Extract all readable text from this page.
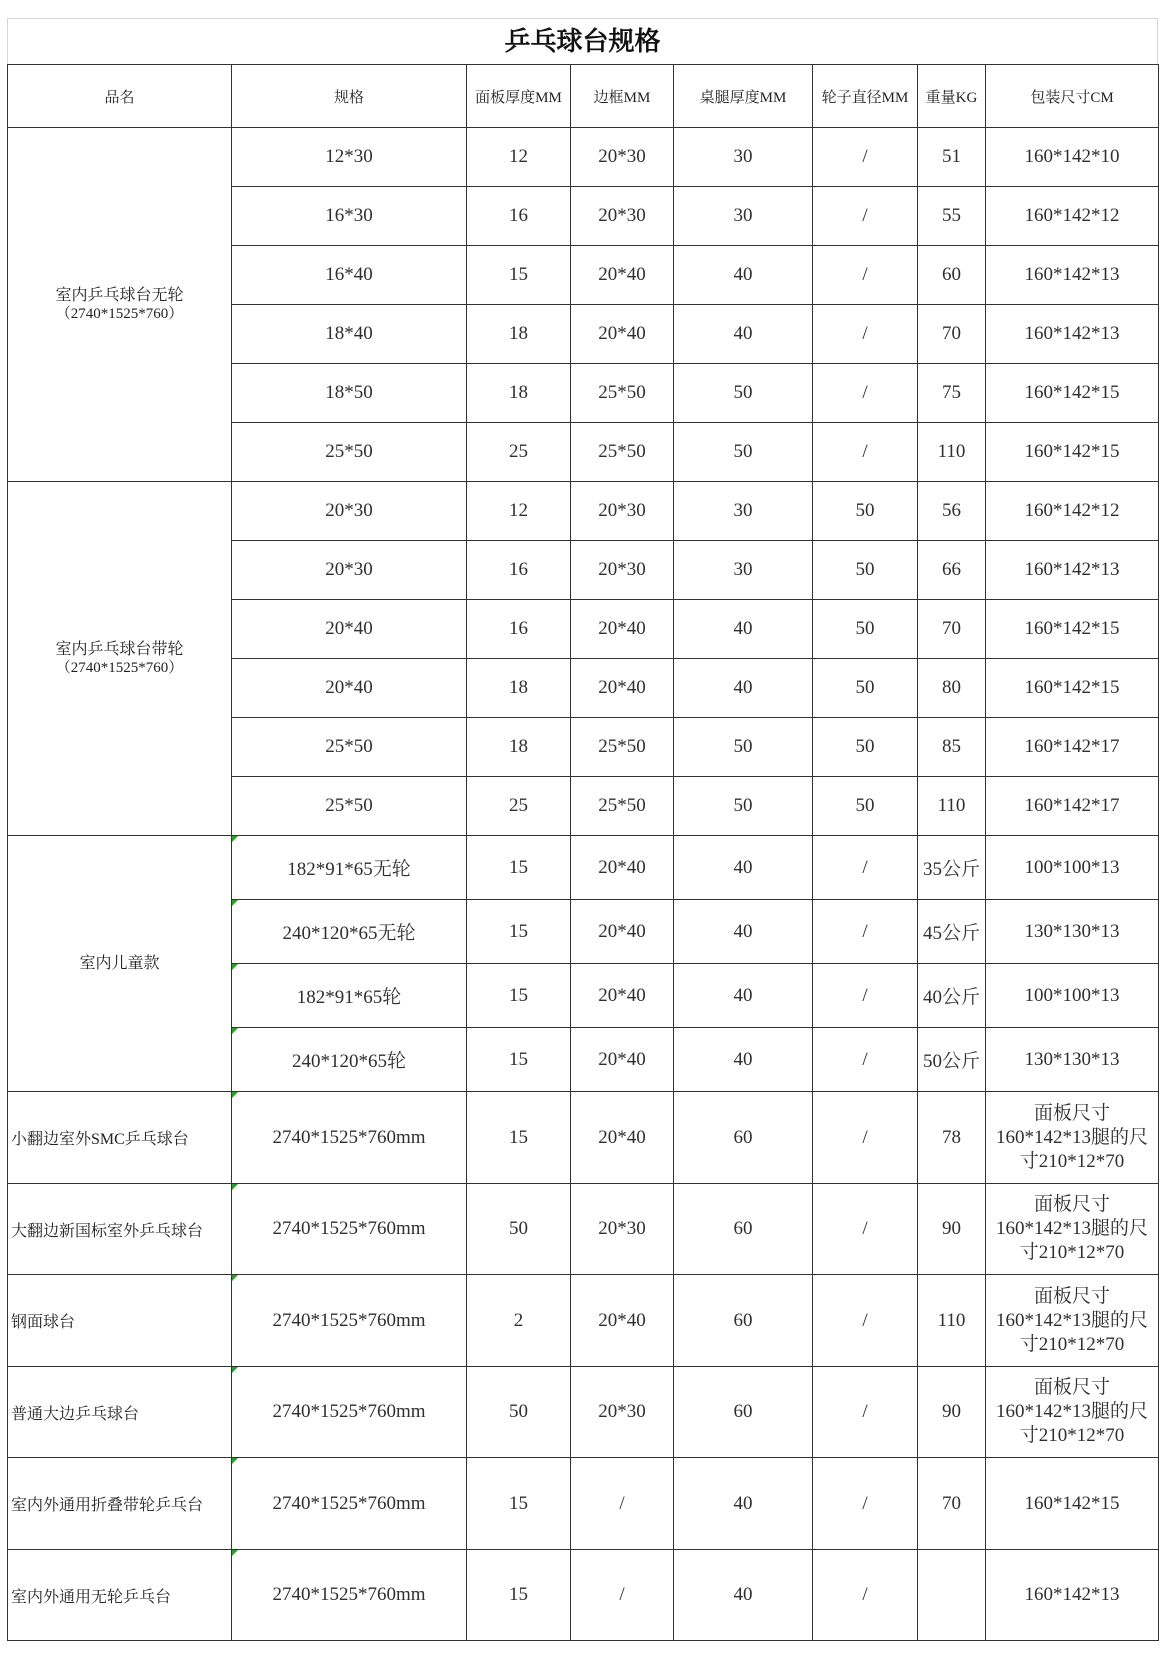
乒乓球台规格
品名	规格	面板厚度MM	边框MM	桌腿厚度MM	轮子直径MM	重量KG	包装尺寸CM

室内乒乓球台无轮
（2740*1525*760）	12*30	12	20*30	30	/	51	160*142*10
	16*30	16	20*30	30	/	55	160*142*12
	16*40	15	20*40	40	/	60	160*142*13
	18*40	18	20*40	40	/	70	160*142*13
	18*50	18	25*50	50	/	75	160*142*15
	25*50	25	25*50	50	/	110	160*142*15

室内乒乓球台带轮
（2740*1525*760）	20*30	12	20*30	30	50	56	160*142*12
	20*30	16	20*30	30	50	66	160*142*13
	20*40	16	20*40	40	50	70	160*142*15
	20*40	18	20*40	40	50	80	160*142*15
	25*50	18	25*50	50	50	85	160*142*17
	25*50	25	25*50	50	50	110	160*142*17

室内儿童款	182*91*65无轮	15	20*40	40	/	35公斤	100*100*13
	240*120*65无轮	15	20*40	40	/	45公斤	130*130*13
	182*91*65轮	15	20*40	40	/	40公斤	100*100*13
	240*120*65轮	15	20*40	40	/	50公斤	130*130*13

小翻边室外SMC乒乓球台	2740*1525*760mm	15	20*40	60	/	78	面板尺寸
160*142*13腿的尺
寸210*12*70

大翻边新国标室外乒乓球台	2740*1525*760mm	50	20*30	60	/	90	面板尺寸
160*142*13腿的尺
寸210*12*70

钢面球台	2740*1525*760mm	2	20*40	60	/	110	面板尺寸
160*142*13腿的尺
寸210*12*70

普通大边乒乓球台	2740*1525*760mm	50	20*30	60	/	90	面板尺寸
160*142*13腿的尺
寸210*12*70

室内外通用折叠带轮乒乓台	2740*1525*760mm	15	/	40	/	70	160*142*15

室内外通用无轮乒乓台	2740*1525*760mm	15	/	40	/		160*142*13
